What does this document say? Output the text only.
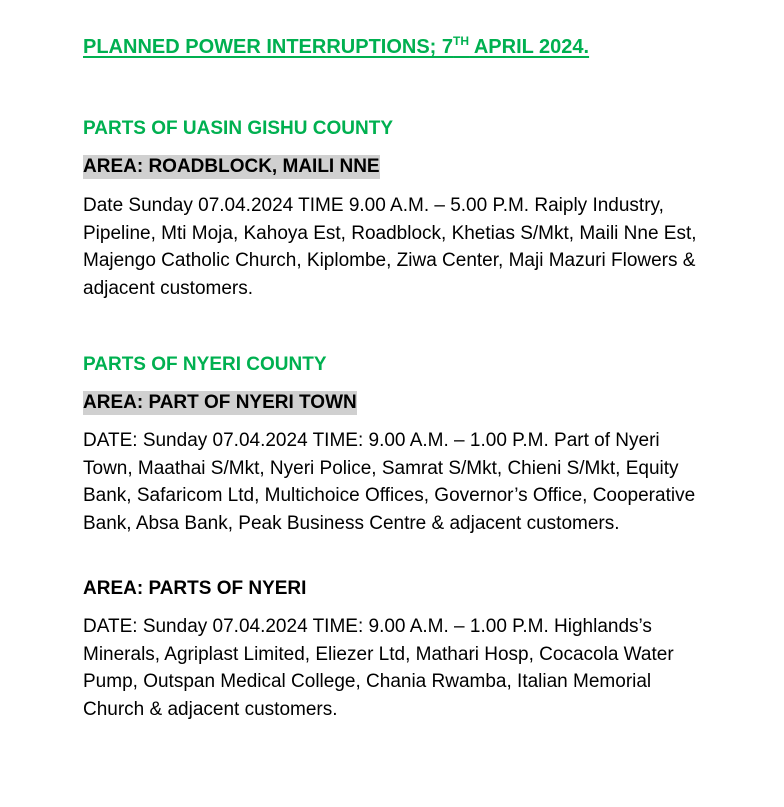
PLANNED POWER INTERRUPTIONS; 7TH APRIL 2024.
PARTS OF UASIN GISHU COUNTY
AREA: ROADBLOCK, MAILI NNE

Date Sunday 07.04.2024 TIME 9.00 A.M. – 5.00 P.M. Raiply Industry, Pipeline, Mti Moja, Kahoya Est, Roadblock, Khetias S/Mkt, Maili Nne Est, Majengo Catholic Church, Kiplombe, Ziwa Center, Maji Mazuri Flowers & adjacent customers.

PARTS OF NYERI COUNTY
AREA: PART OF NYERI TOWN

DATE: Sunday 07.04.2024 TIME: 9.00 A.M. – 1.00 P.M. Part of Nyeri Town, Maathai S/Mkt, Nyeri Police, Samrat S/Mkt, Chieni S/Mkt, Equity Bank, Safaricom Ltd, Multichoice Offices, Governor’s Office, Cooperative Bank, Absa Bank, Peak Business Centre & adjacent customers.

AREA: PARTS OF NYERI

DATE: Sunday 07.04.2024 TIME: 9.00 A.M. – 1.00 P.M. Highlands’s Minerals, Agriplast Limited, Eliezer Ltd, Mathari Hosp, Cocacola Water Pump, Outspan Medical College, Chania Rwamba, Italian Memorial Church & adjacent customers.
